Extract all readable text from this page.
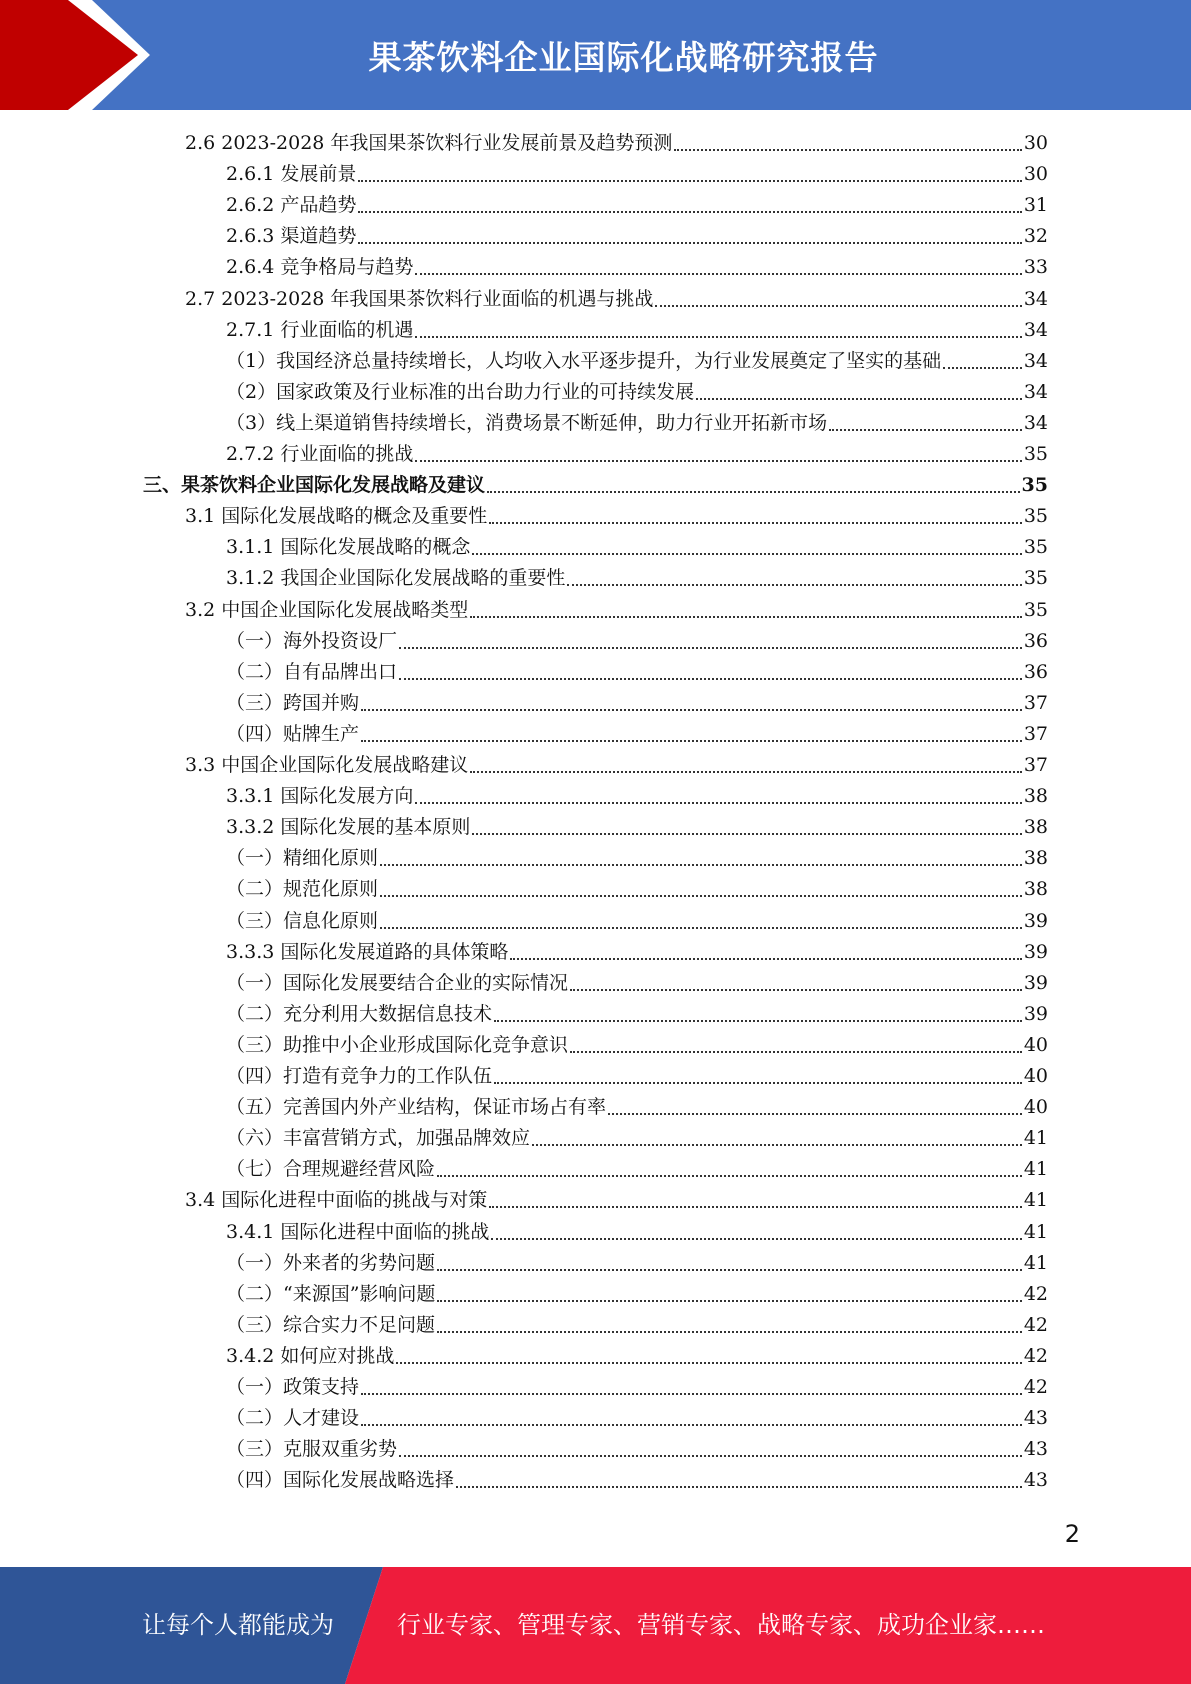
果茶饮料企业国际化战略研究报告
2.6 2023-2028 年我国果茶饮料行业发展前景及趋势预测	30
2.6.1 发展前景	30
2.6.2 产品趋势	31
2.6.3 渠道趋势	32
2.6.4 竞争格局与趋势	33
2.7 2023-2028 年我国果茶饮料行业面临的机遇与挑战	34
2.7.1 行业面临的机遇	34
（1）我国经济总量持续增长，人均收入水平逐步提升，为行业发展奠定了坚实的基础	34
（2）国家政策及行业标准的出台助力行业的可持续发展	34
（3）线上渠道销售持续增长，消费场景不断延伸，助力行业开拓新市场	34
2.7.2 行业面临的挑战	35
三、果茶饮料企业国际化发展战略及建议	35
3.1 国际化发展战略的概念及重要性	35
3.1.1 国际化发展战略的概念	35
3.1.2 我国企业国际化发展战略的重要性	35
3.2 中国企业国际化发展战略类型	35
（一）海外投资设厂	36
（二）自有品牌出口	36
（三）跨国并购	37
（四）贴牌生产	37
3.3 中国企业国际化发展战略建议	37
3.3.1 国际化发展方向	38
3.3.2 国际化发展的基本原则	38
（一）精细化原则	38
（二）规范化原则	38
（三）信息化原则	39
3.3.3 国际化发展道路的具体策略	39
（一）国际化发展要结合企业的实际情况	39
（二）充分利用大数据信息技术	39
（三）助推中小企业形成国际化竞争意识	40
（四）打造有竞争力的工作队伍	40
（五）完善国内外产业结构，保证市场占有率	40
（六）丰富营销方式，加强品牌效应	41
（七）合理规避经营风险	41
3.4 国际化进程中面临的挑战与对策	41
3.4.1 国际化进程中面临的挑战	41
（一）外来者的劣势问题	41
（二）“来源国”影响问题	42
（三）综合实力不足问题	42
3.4.2 如何应对挑战	42
（一）政策支持	42
（二）人才建设	43
（三）克服双重劣势	43
（四）国际化发展战略选择	43
2
让每个人都能成为	行业专家、管理专家、营销专家、战略专家、成功企业家……
